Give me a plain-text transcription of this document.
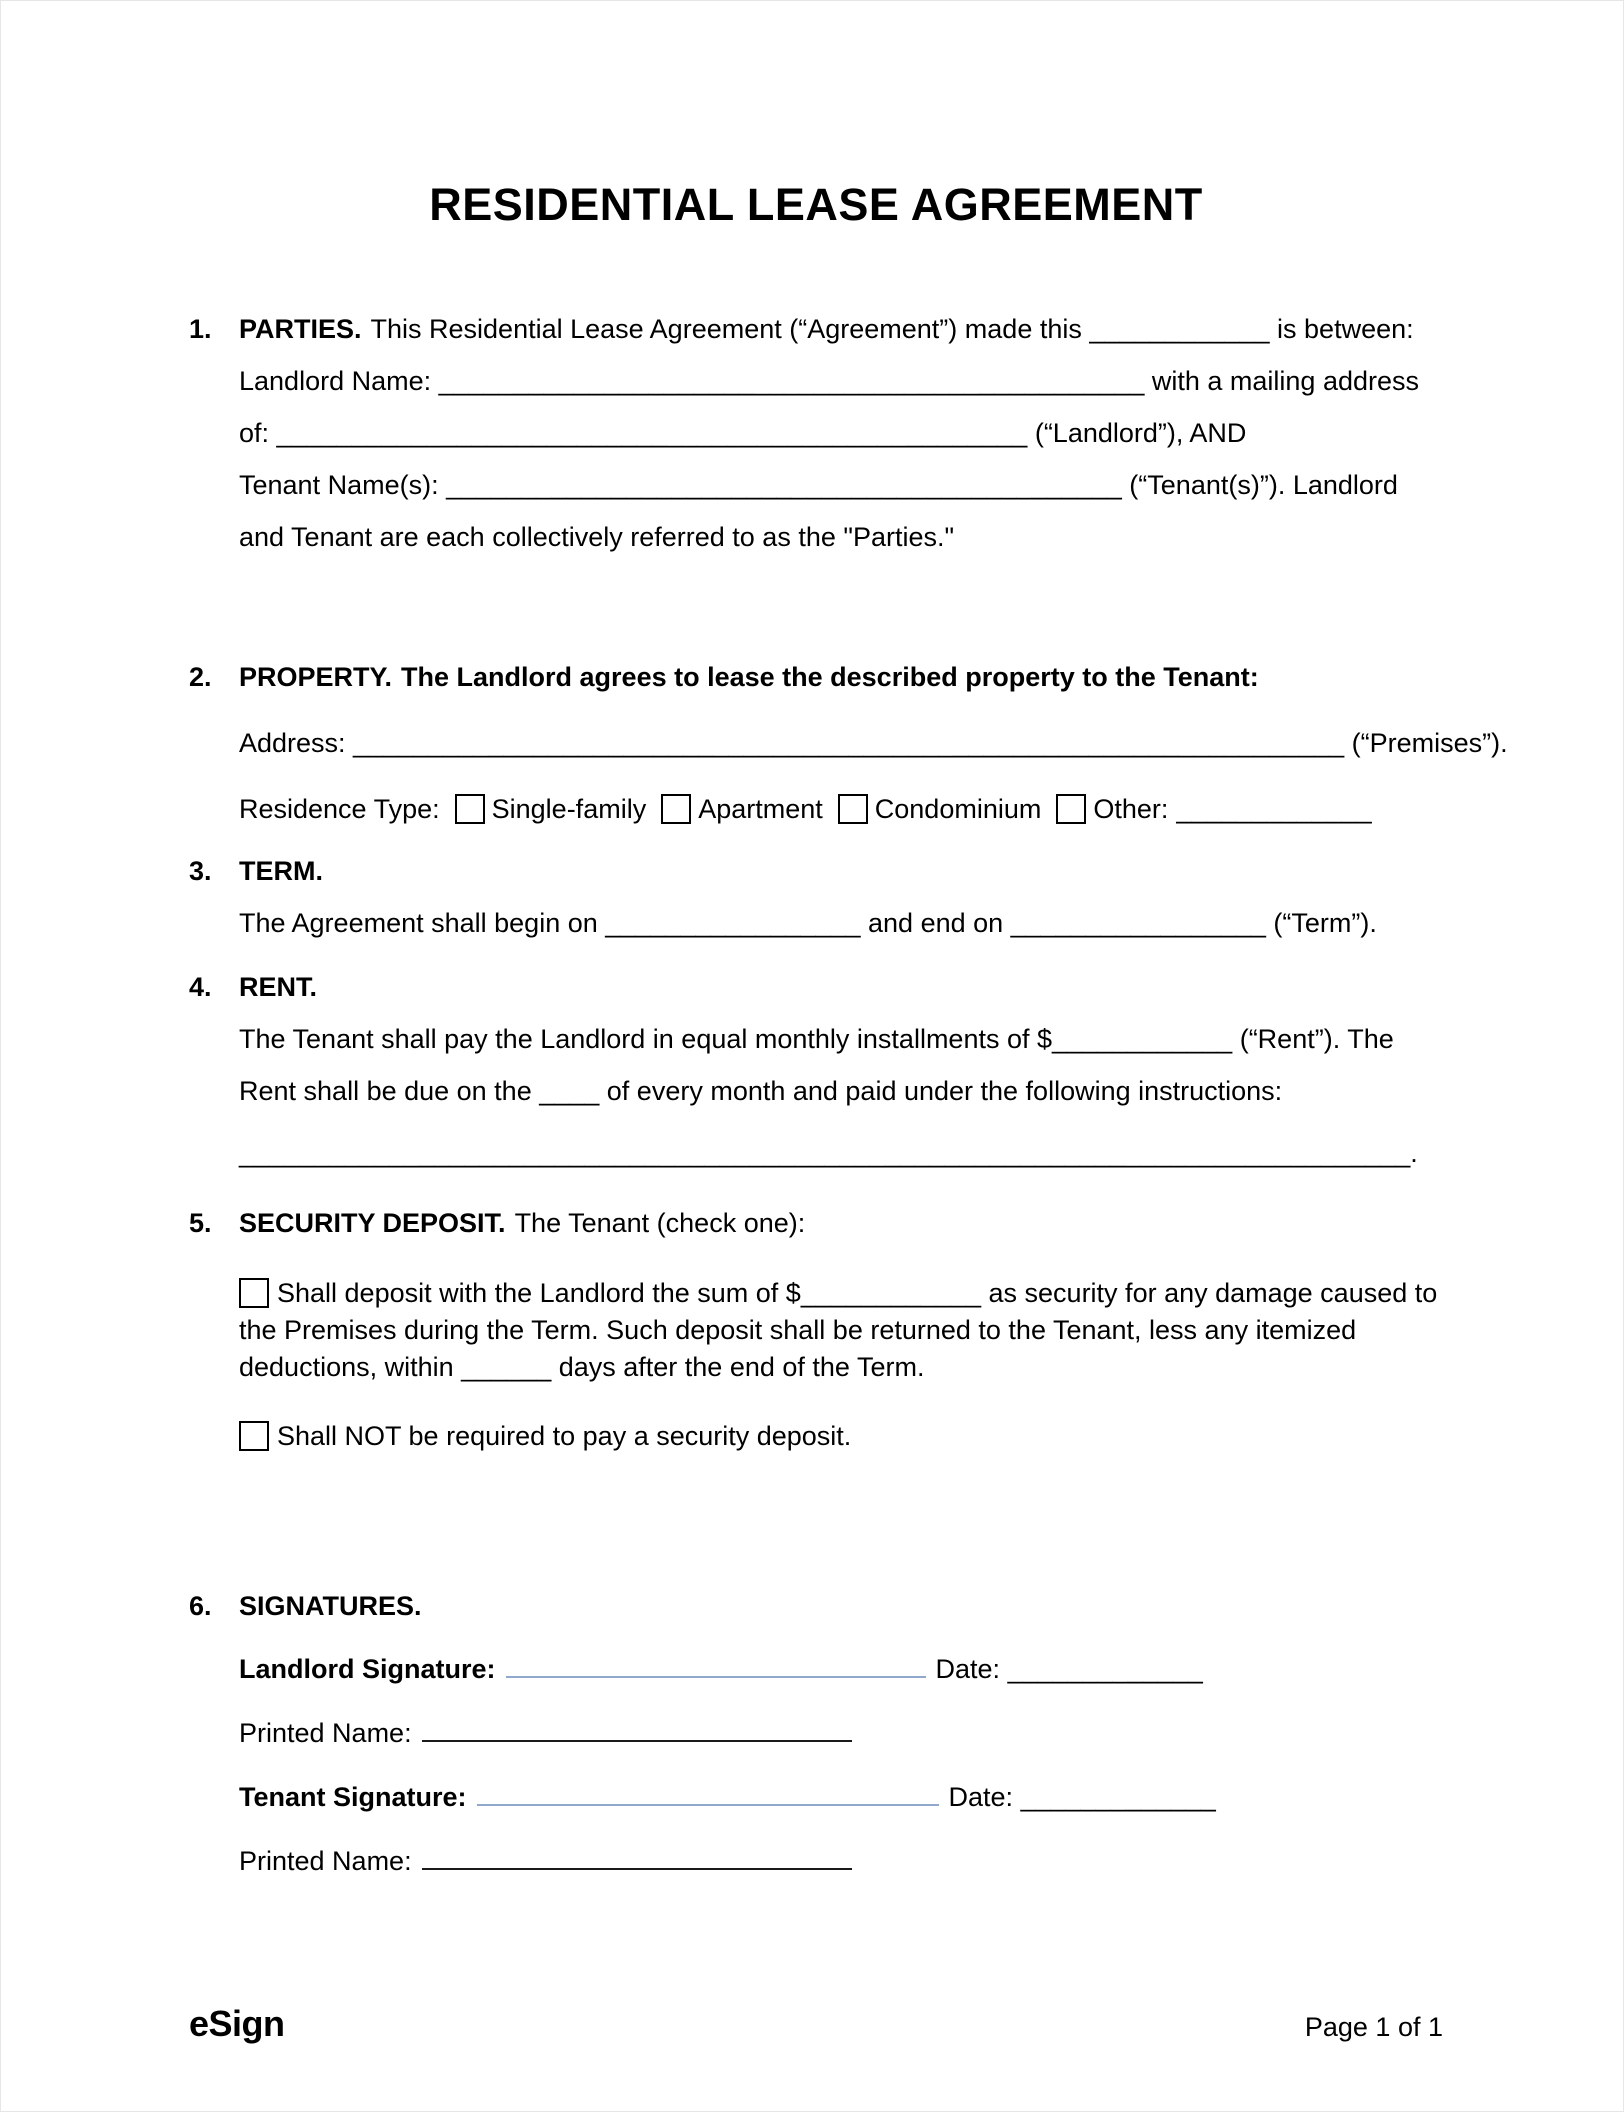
RESIDENTIAL LEASE AGREEMENT
1.	PARTIES. This Residential Lease Agreement (“Agreement”) made this ____________ is between:
Landlord Name: _______________________________________________ with a mailing address
of: __________________________________________________ (“Landlord”), AND
Tenant Name(s): _____________________________________________ (“Tenant(s)”). Landlord
and Tenant are each collectively referred to as the "Parties."
2.	PROPERTY. The Landlord agrees to lease the described property to the Tenant:
Address: __________________________________________________________________ (“Premises”).
Residence Type: Single-family Apartment Condominium Other: _____________
3.	TERM.
The Agreement shall begin on _________________ and end on _________________ (“Term”).
4.	RENT.
The Tenant shall pay the Landlord in equal monthly installments of $____________ (“Rent”). The
Rent shall be due on the ____ of every month and paid under the following instructions:
______________________________________________________________________________.
5.	SECURITY DEPOSIT. The Tenant (check one):
Shall deposit with the Landlord the sum of $____________ as security for any damage caused to the Premises during the Term. Such deposit shall be returned to the Tenant, less any itemized deductions, within ______ days after the end of the Term.
Shall NOT be required to pay a security deposit.
6.	SIGNATURES.
Landlord Signature:	Date: _____________
Printed Name:
Tenant Signature:	Date: _____________
Printed Name:
eSign	Page 1 of 1
